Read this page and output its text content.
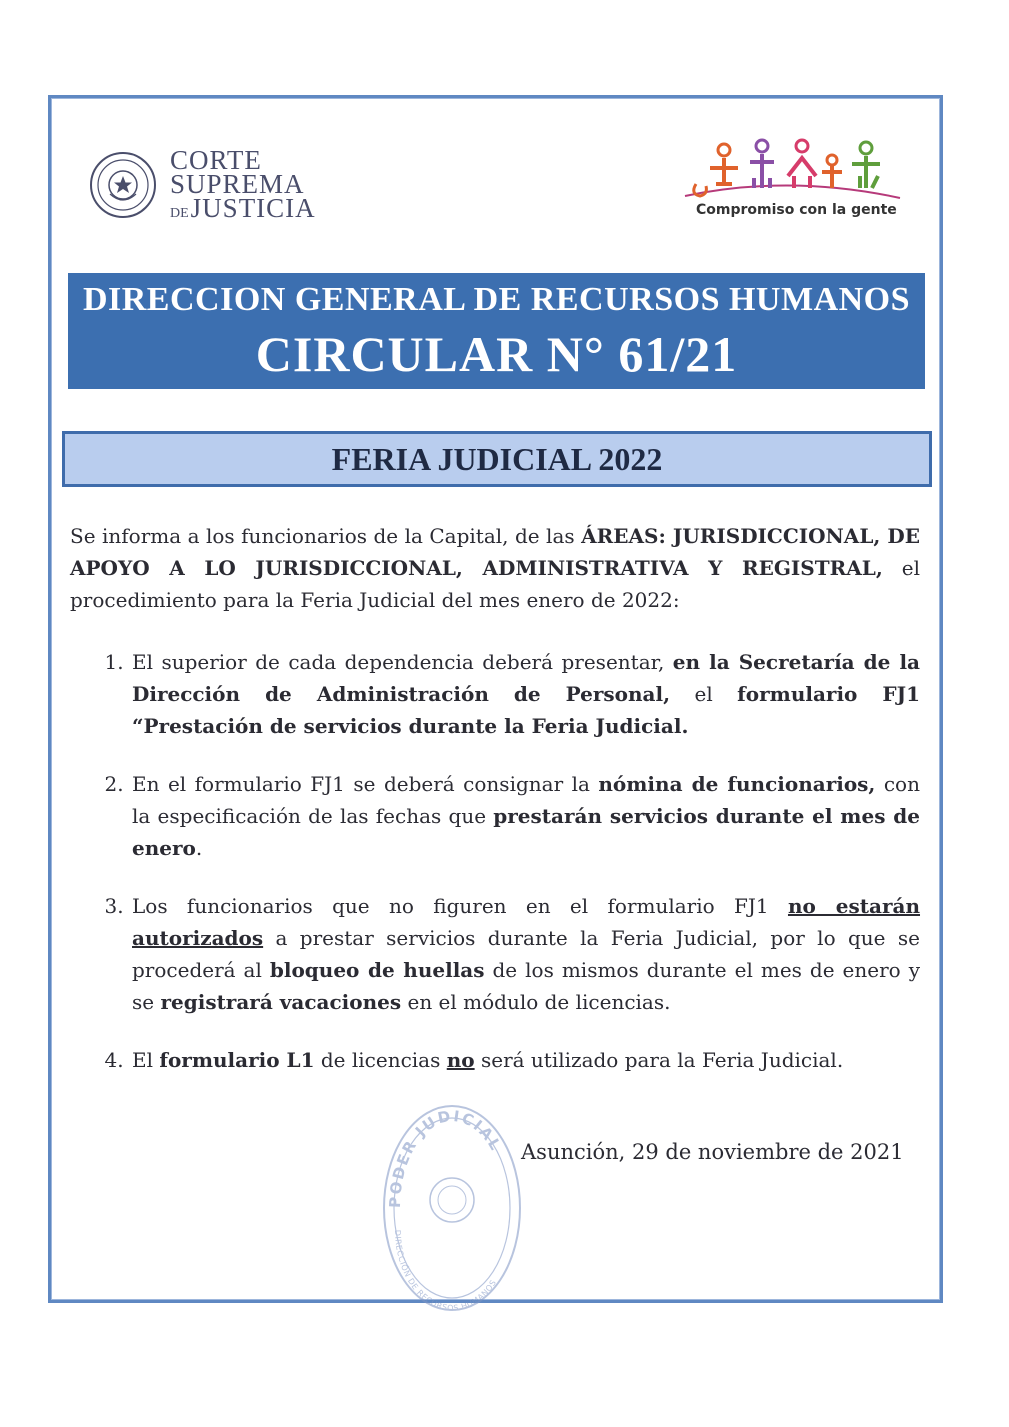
CORTE
SUPREMA
DEJUSTICIA	Compromiso con la gente
DIRECCION GENERAL DE RECURSOS HUMANOS
CIRCULAR N° 61/21
FERIA JUDICIAL 2022
Se informa a los funcionarios de la Capital, de las ÁREAS: JURISDICCIONAL, DE APOYO A LO JURISDICCIONAL, ADMINISTRATIVA Y REGISTRAL, el procedimiento para la Feria Judicial del mes enero de 2022:
1. El superior de cada dependencia deberá presentar, en la Secretaría de la Dirección de Administración de Personal, el formulario FJ1 “Prestación de servicios durante la Feria Judicial.
2. En el formulario FJ1 se deberá consignar la nómina de funcionarios, con la especificación de las fechas que prestarán servicios durante el mes de enero.
3. Los funcionarios que no figuren en el formulario FJ1 no estarán autorizados a prestar servicios durante la Feria Judicial, por lo que se procederá al bloqueo de huellas de los mismos durante el mes de enero y se registrará vacaciones en el módulo de licencias.
4. El formulario L1 de licencias no será utilizado para la Feria Judicial.
PODER JUDICIAL
DIRECCIÓN DE RECURSOS HUMANOS
Asunción, 29 de noviembre de 2021
